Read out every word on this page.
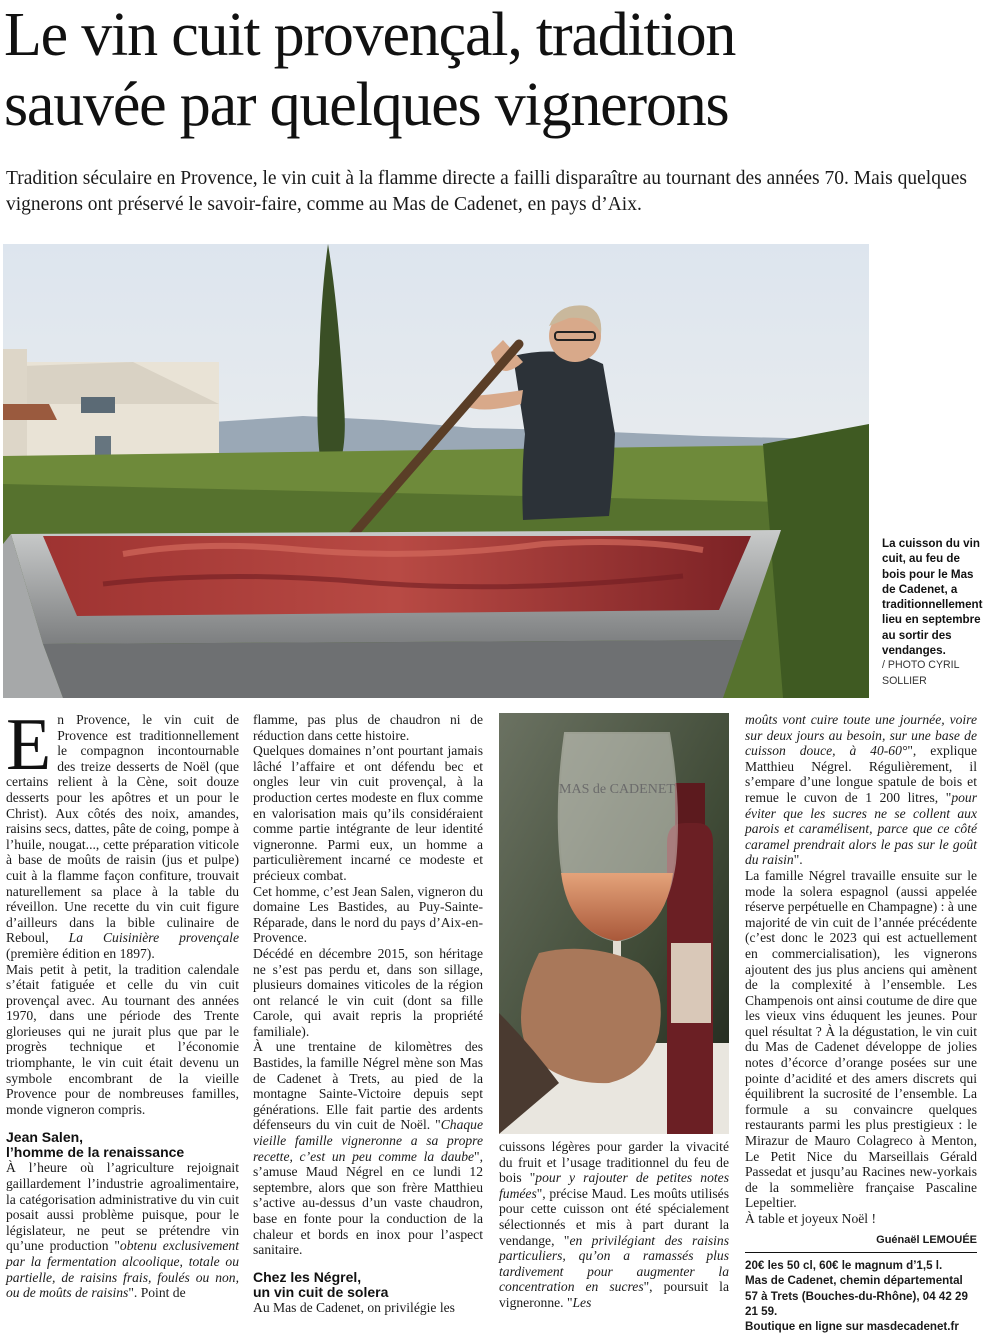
Le vin cuit provençal, tradition
sauvée par quelques vignerons

Tradition séculaire en Provence, le vin cuit à la flamme directe a failli disparaître au tournant des années 70. Mais quelques vignerons ont préservé le savoir-faire, comme au Mas de Cadenet, en pays d’Aix.

La cuisson du vin cuit, au feu de bois pour le Mas de Cadenet, a traditionnellement lieu en septembre au sortir des vendanges.

/ PHOTO CYRIL SOLLIER

En Provence, le vin cuit de Provence est traditionnellement le compagnon incontournable des treize desserts de Noël (que certains relient à la Cène, soit douze desserts pour les apôtres et un pour le Christ). Aux côtés des noix, amandes, raisins secs, dattes, pâte de coing, pompe à l’huile, nougat..., cette préparation viticole à base de moûts de raisin (jus et pulpe) cuit à la flamme façon confiture, trouvait naturellement sa place à la table du réveillon. Une recette du vin cuit figure d’ailleurs dans la bible culinaire de Reboul, La Cuisinière provençale (première édition en 1897).

Mais petit à petit, la tradition calendale s’était fatiguée et celle du vin cuit provençal avec. Au tournant des années 1970, dans une période des Trente glorieuses qui ne jurait plus que par le progrès technique et l’économie triomphante, le vin cuit était devenu un symbole encombrant de la vieille Provence pour de nombreuses familles, monde vigneron compris.

Jean Salen,
l’homme de la renaissance

À l’heure où l’agriculture rejoignait gaillardement l’industrie agroalimentaire, la catégorisation administrative du vin cuit posait aussi problème puisque, pour le législateur, ne peut se prétendre vin qu’une production "obtenu exclusivement par la fermentation alcoolique, totale ou partielle, de raisins frais, foulés ou non, ou de moûts de raisins". Point de

flamme, pas plus de chaudron ni de réduction dans cette histoire.

Quelques domaines n’ont pourtant jamais lâché l’affaire et ont défendu bec et ongles leur vin cuit provençal, à la production certes modeste en flux comme en valorisation mais qu’ils considéraient comme partie intégrante de leur identité vigneronne. Parmi eux, un homme a particulièrement incarné ce modeste et précieux combat.

Cet homme, c’est Jean Salen, vigneron du domaine Les Bastides, au Puy-Sainte-Réparade, dans le nord du pays d’Aix-en-Provence.

Décédé en décembre 2015, son héritage ne s’est pas perdu et, dans son sillage, plusieurs domaines viticoles de la région ont relancé le vin cuit (dont sa fille Carole, qui avait repris la propriété familiale).

À une trentaine de kilomètres des Bastides, la famille Négrel mène son Mas de Cadenet à Trets, au pied de la montagne Sainte-Victoire depuis sept générations. Elle fait partie des ardents défenseurs du vin cuit de Noël. "Chaque vieille famille vigneronne a sa propre recette, c’est un peu comme la daube", s’amuse Maud Négrel en ce lundi 12 septembre, alors que son frère Matthieu s’active au-dessus d’un vaste chaudron, base en fonte pour la conduction de la chaleur et bords en inox pour l’aspect sanitaire.

Chez les Négrel,
un vin cuit de solera

Au Mas de Cadenet, on privilégie les

MAS de CADENET

cuissons légères pour garder la vivacité du fruit et l’usage traditionnel du feu de bois "pour y rajouter de petites notes fumées", précise Maud. Les moûts utilisés pour cette cuisson ont été spécialement sélectionnés et mis à part durant la vendange, "en privilégiant des raisins particuliers, qu’on a ramassés plus tardivement pour augmenter la concentration en sucres", poursuit la vigneronne. "Les

moûts vont cuire toute une journée, voire sur deux jours au besoin, sur une base de cuisson douce, à 40-60°", explique Matthieu Négrel. Régulièrement, il s’empare d’une longue spatule de bois et remue le cuvon de 1 200 litres, "pour éviter que les sucres ne se collent aux parois et caramélisent, parce que ce côté caramel prendrait alors le pas sur le goût du raisin".

La famille Négrel travaille ensuite sur le mode la solera espagnol (aussi appelée réserve perpétuelle en Champagne) : à une majorité de vin cuit de l’année précédente (c’est donc le 2023 qui est actuellement en commercialisation), les vignerons ajoutent des jus plus anciens qui amènent de la complexité à l’ensemble. Les Champenois ont ainsi coutume de dire que les vieux vins éduquent les jeunes. Pour quel résultat ? À la dégustation, le vin cuit du Mas de Cadenet développe de jolies notes d’écorce d’orange posées sur une pointe d’acidité et des amers discrets qui équilibrent la sucrosité de l’ensemble. La formule a su convaincre quelques restaurants parmi les plus prestigieux : le Mirazur de Mauro Colagreco à Menton, Le Petit Nice du Marseillais Gérald Passedat et jusqu’au Racines new-yorkais de la sommelière française Pascaline Lepeltier.

À table et joyeux Noël !

Guénaël LEMOUÉE
20€ les 50 cl, 60€ le magnum d’1,5 l.
Mas de Cadenet, chemin départemental 57 à Trets (Bouches-du-Rhône), 04 42 29 21 59.
Boutique en ligne sur masdecadenet.fr
